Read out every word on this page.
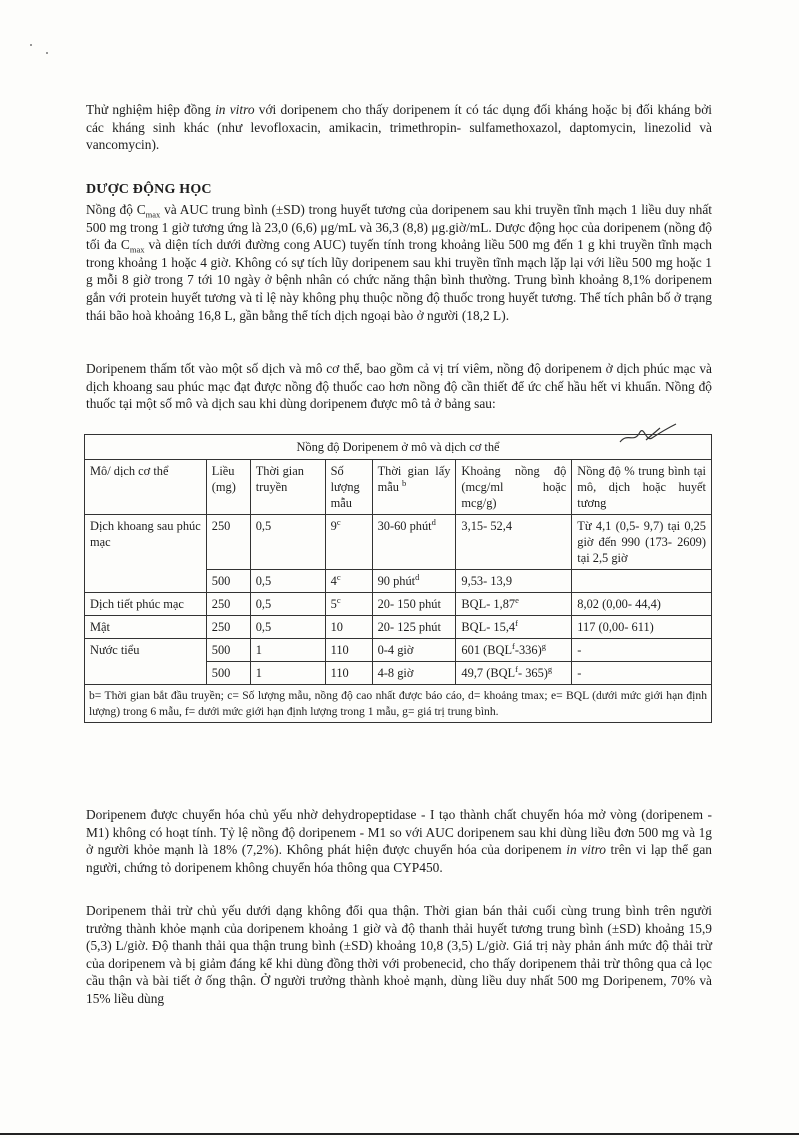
Thử nghiệm hiệp đồng in vitro với doripenem cho thấy doripenem ít có tác dụng đối kháng hoặc bị đối kháng bởi các kháng sinh khác (như levofloxacin, amikacin, trimethropin- sulfamethoxazol, daptomycin, linezolid và vancomycin).

DƯỢC ĐỘNG HỌC

Nồng độ $C_{max}$ và AUC trung bình (±SD) trong huyết tương của doripenem sau khi truyền tĩnh mạch 1 liều duy nhất 500 mg trong 1 giờ tương ứng là 23,0 (6,6) μg/mL và 36,3 (8,8) μg.giờ/mL. Dược động học của doripenem (nồng độ tối đa $C_{max}$ và diện tích dưới đường cong AUC) tuyến tính trong khoảng liều 500 mg đến 1 g khi truyền tĩnh mạch trong khoảng 1 hoặc 4 giờ. Không có sự tích lũy doripenem sau khi truyền tĩnh mạch lặp lại với liều 500 mg hoặc 1 g mỗi 8 giờ trong 7 tới 10 ngày ở bệnh nhân có chức năng thận bình thường. Trung bình khoảng 8,1% doripenem gắn với protein huyết tương và tỉ lệ này không phụ thuộc nồng độ thuốc trong huyết tương. Thể tích phân bố ở trạng thái bão hoà khoảng 16,8 L, gần bằng thể tích dịch ngoại bào ở người (18,2 L).

Doripenem thấm tốt vào một số dịch và mô cơ thể, bao gồm cả vị trí viêm, nồng độ doripenem ở dịch phúc mạc và dịch khoang sau phúc mạc đạt được nồng độ thuốc cao hơn nồng độ cần thiết để ức chế hầu hết vi khuẩn. Nồng độ thuốc tại một số mô và dịch sau khi dùng doripenem được mô tả ở bảng sau:

Nồng độ Doripenem ở mô và dịch cơ thể						
Mô/ dịch cơ thể	Liều (mg)	Thời gian truyền	Số lượng mẫu	Thời gian lấy mẫu $^b$	Khoảng nồng độ (mcg/ml hoặc mcg/g)	Nồng độ % trung bình tại mô, dịch hoặc huyết tương
Dịch khoang sau phúc mạc	250	0,5	9$^c$	30-60 phút$^d$	3,15- 52,4	Từ 4,1 (0,5- 9,7) tại 0,25 giờ đến 990 (173- 2609) tại 2,5 giờ
	500	0,5	4$^c$	90 phút$^d$	9,53- 13,9	
Dịch tiết phúc mạc	250	0,5	5$^c$	20- 150 phút	BQL- 1,87e	8,02 (0,00- 44,4)
Mật	250	0,5	10	20- 125 phút	BQL- 15,4$^f$	117 (0,00- 611)
Nước tiểu	500	1	110	0-4 giờ	601 $(BQL^f-336)^g$	-
	500	1	110	4-8 giờ	49,7 (BQL$^f$- 365)$^g$	-
b= Thời gian bắt đầu truyền; c= Số lượng mẫu, nồng độ cao nhất được báo cáo, d= khoảng tmax; e= BQL (dưới mức giới hạn định lượng) trong 6 mẫu, f= dưới mức giới hạn định lượng trong 1 mẫu, g= giá trị trung bình.						

Doripenem được chuyển hóa chủ yếu nhờ dehydropeptidase - I tạo thành chất chuyển hóa mở vòng (doripenem - M1) không có hoạt tính. Tỷ lệ nồng độ doripenem - M1 so với AUC doripenem sau khi dùng liều đơn 500 mg và 1g ở người khỏe mạnh là 18% (7,2%). Không phát hiện được chuyển hóa của doripenem in vitro trên vi lạp thể gan người, chứng tỏ doripenem không chuyển hóa thông qua CYP450.

Doripenem thải trừ chủ yếu dưới dạng không đổi qua thận. Thời gian bán thải cuối cùng trung bình trên người trưởng thành khỏe mạnh của doripenem khoảng 1 giờ và độ thanh thải huyết tương trung bình (±SD) khoảng 15,9 (5,3) L/giờ. Độ thanh thải qua thận trung bình (±SD) khoảng 10,8 (3,5) L/giờ. Giá trị này phản ánh mức độ thải trừ của doripenem và bị giảm đáng kể khi dùng đồng thời với probenecid, cho thấy doripenem thải trừ thông qua cả lọc cầu thận và bài tiết ở ống thận. Ở người trưởng thành khoẻ mạnh, dùng liều duy nhất 500 mg Doripenem, 70% và 15% liều dùng
